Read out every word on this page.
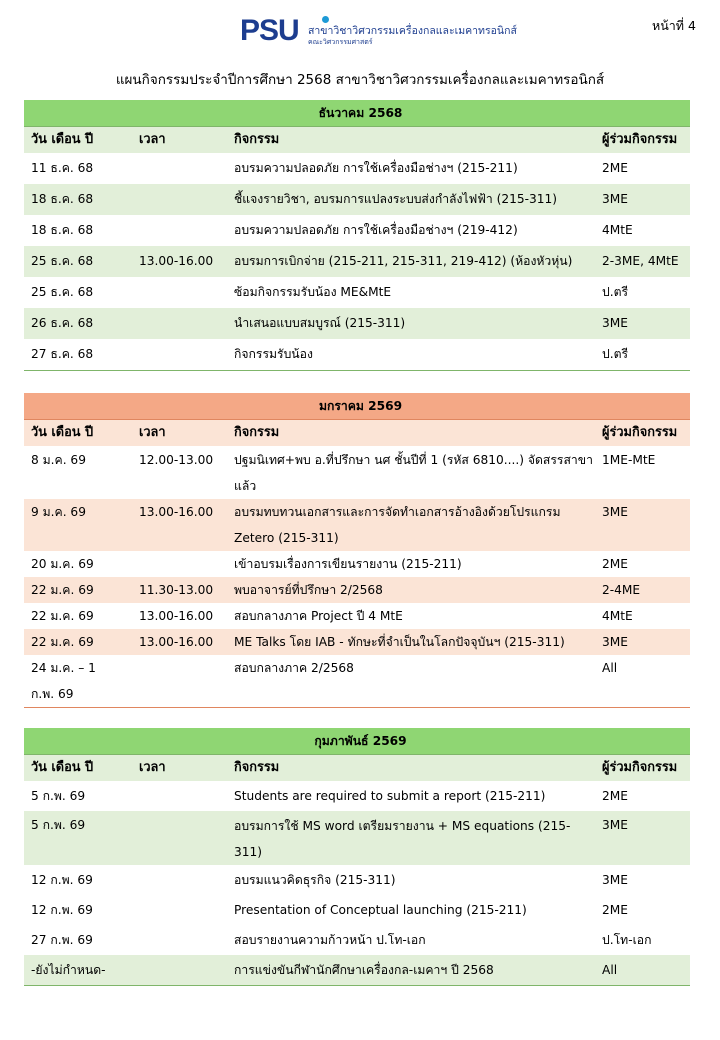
หน้าที่ 4
PSU สาขาวิชาวิศวกรรมเครื่องกลและเมคาทรอนิกส์
คณะวิศวกรรมศาสตร์
แผนกิจกรรมประจำปีการศึกษา 2568 สาขาวิชาวิศวกรรมเครื่องกลและเมคาทรอนิกส์
ธันวาคม 2568			
วัน เดือน ปี	เวลา	กิจกรรม	ผู้ร่วมกิจกรรม
11 ธ.ค. 68		อบรมความปลอดภัย การใช้เครื่องมือช่างฯ (215-211)	2ME
18 ธ.ค. 68		ชี้แจงรายวิชา, อบรมการแปลงระบบส่งกำลังไฟฟ้า (215-311)	3ME
18 ธ.ค. 68		อบรมความปลอดภัย การใช้เครื่องมือช่างฯ (219-412)	4MtE
25 ธ.ค. 68	13.00-16.00	อบรมการเบิกจ่าย (215-211, 215-311, 219-412) (ห้องหัวหุ่น)	2-3ME, 4MtE
25 ธ.ค. 68		ซ้อมกิจกรรมรับน้อง ME&MtE	ป.ตรี
26 ธ.ค. 68		นำเสนอแบบสมบูรณ์ (215-311)	3ME
27 ธ.ค. 68		กิจกรรมรับน้อง	ป.ตรี
มกราคม 2569			
วัน เดือน ปี	เวลา	กิจกรรม	ผู้ร่วมกิจกรรม
8 ม.ค. 69	12.00-13.00	ปฐมนิเทศ+พบ อ.ที่ปรึกษา นศ ชั้นปีที่ 1 (รหัส 6810....) จัดสรรสาขาแล้ว	1ME-MtE
9 ม.ค. 69	13.00-16.00	อบรมทบทวนเอกสารและการจัดทำเอกสารอ้างอิงด้วยโปรแกรม Zetero (215-311)	3ME
20 ม.ค. 69		เข้าอบรมเรื่องการเขียนรายงาน (215-211)	2ME
22 ม.ค. 69	11.30-13.00	พบอาจารย์ที่ปรึกษา 2/2568	2-4ME
22 ม.ค. 69	13.00-16.00	สอบกลางภาค Project ปี 4 MtE	4MtE
22 ม.ค. 69	13.00-16.00	ME Talks โดย IAB - ทักษะที่จำเป็นในโลกปัจจุบันฯ (215-311)	3ME
24 ม.ค. – 1 ก.พ. 69		สอบกลางภาค 2/2568	All
กุมภาพันธ์ 2569			
วัน เดือน ปี	เวลา	กิจกรรม	ผู้ร่วมกิจกรรม
5 ก.พ. 69		Students are required to submit a report (215-211)	2ME
5 ก.พ. 69		อบรมการใช้ MS word เตรียมรายงาน + MS equations (215-311)	3ME
12 ก.พ. 69		อบรมแนวคิดธุรกิจ (215-311)	3ME
12 ก.พ. 69		Presentation of Conceptual launching (215-211)	2ME
27 ก.พ. 69		สอบรายงานความก้าวหน้า ป.โท-เอก	ป.โท-เอก
-ยังไม่กำหนด-		การแข่งขันกีฬานักศึกษาเครื่องกล-เมคาฯ ปี 2568	All
